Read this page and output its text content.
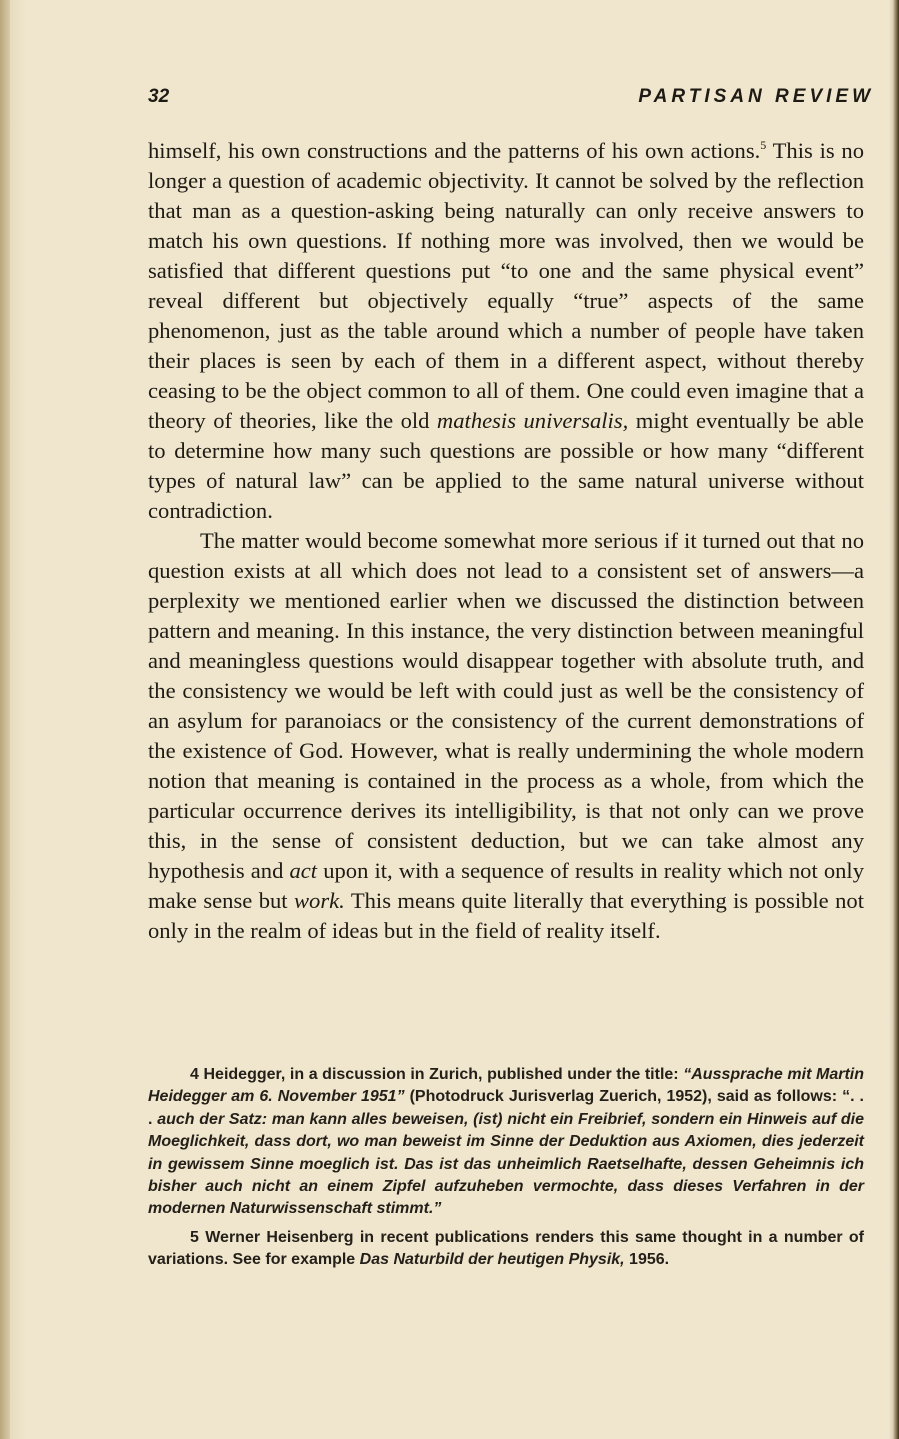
32	PARTISAN REVIEW

himself, his own constructions and the patterns of his own actions.$^5$ This is no longer a question of academic objectivity. It cannot be solved by the reflection that man as a question-asking being naturally can only receive answers to match his own questions. If nothing more was involved, then we would be satisfied that different questions put “to one and the same physical event” reveal different but objectively equally “true” aspects of the same phenomenon, just as the table around which a number of people have taken their places is seen by each of them in a different aspect, without thereby ceasing to be the object common to all of them. One could even imagine that a theory of theories, like the old mathesis universalis, might eventually be able to determine how many such questions are possible or how many “different types of natural law” can be applied to the same natural universe without contradiction.

The matter would become somewhat more serious if it turned out that no question exists at all which does not lead to a consistent set of answers—a perplexity we mentioned earlier when we discussed the distinction between pattern and meaning. In this instance, the very distinction between meaningful and meaningless questions would disappear together with absolute truth, and the consistency we would be left with could just as well be the consistency of an asylum for paranoiacs or the consistency of the current demonstrations of the existence of God. However, what is really undermining the whole modern notion that meaning is contained in the process as a whole, from which the particular occurrence derives its intelligibility, is that not only can we prove this, in the sense of consistent deduction, but we can take almost any hypothesis and act upon it, with a sequence of results in reality which not only make sense but work. This means quite literally that everything is possible not only in the realm of ideas but in the field of reality itself.

4 Heidegger, in a discussion in Zurich, published under the title: “Aussprache mit Martin Heidegger am 6. November 1951” (Photodruck Jurisverlag Zuerich, 1952), said as follows: “. . . auch der Satz: man kann alles beweisen, (ist) nicht ein Freibrief, sondern ein Hinweis auf die Moeglichkeit, dass dort, wo man beweist im Sinne der Deduktion aus Axiomen, dies jederzeit in gewissem Sinne moeglich ist. Das ist das unheimlich Raetselhafte, dessen Geheimnis ich bisher auch nicht an einem Zipfel aufzuheben vermochte, dass dieses Verfahren in der modernen Naturwissenschaft stimmt.”

5 Werner Heisenberg in recent publications renders this same thought in a number of variations. See for example Das Naturbild der heutigen Physik, 1956.
